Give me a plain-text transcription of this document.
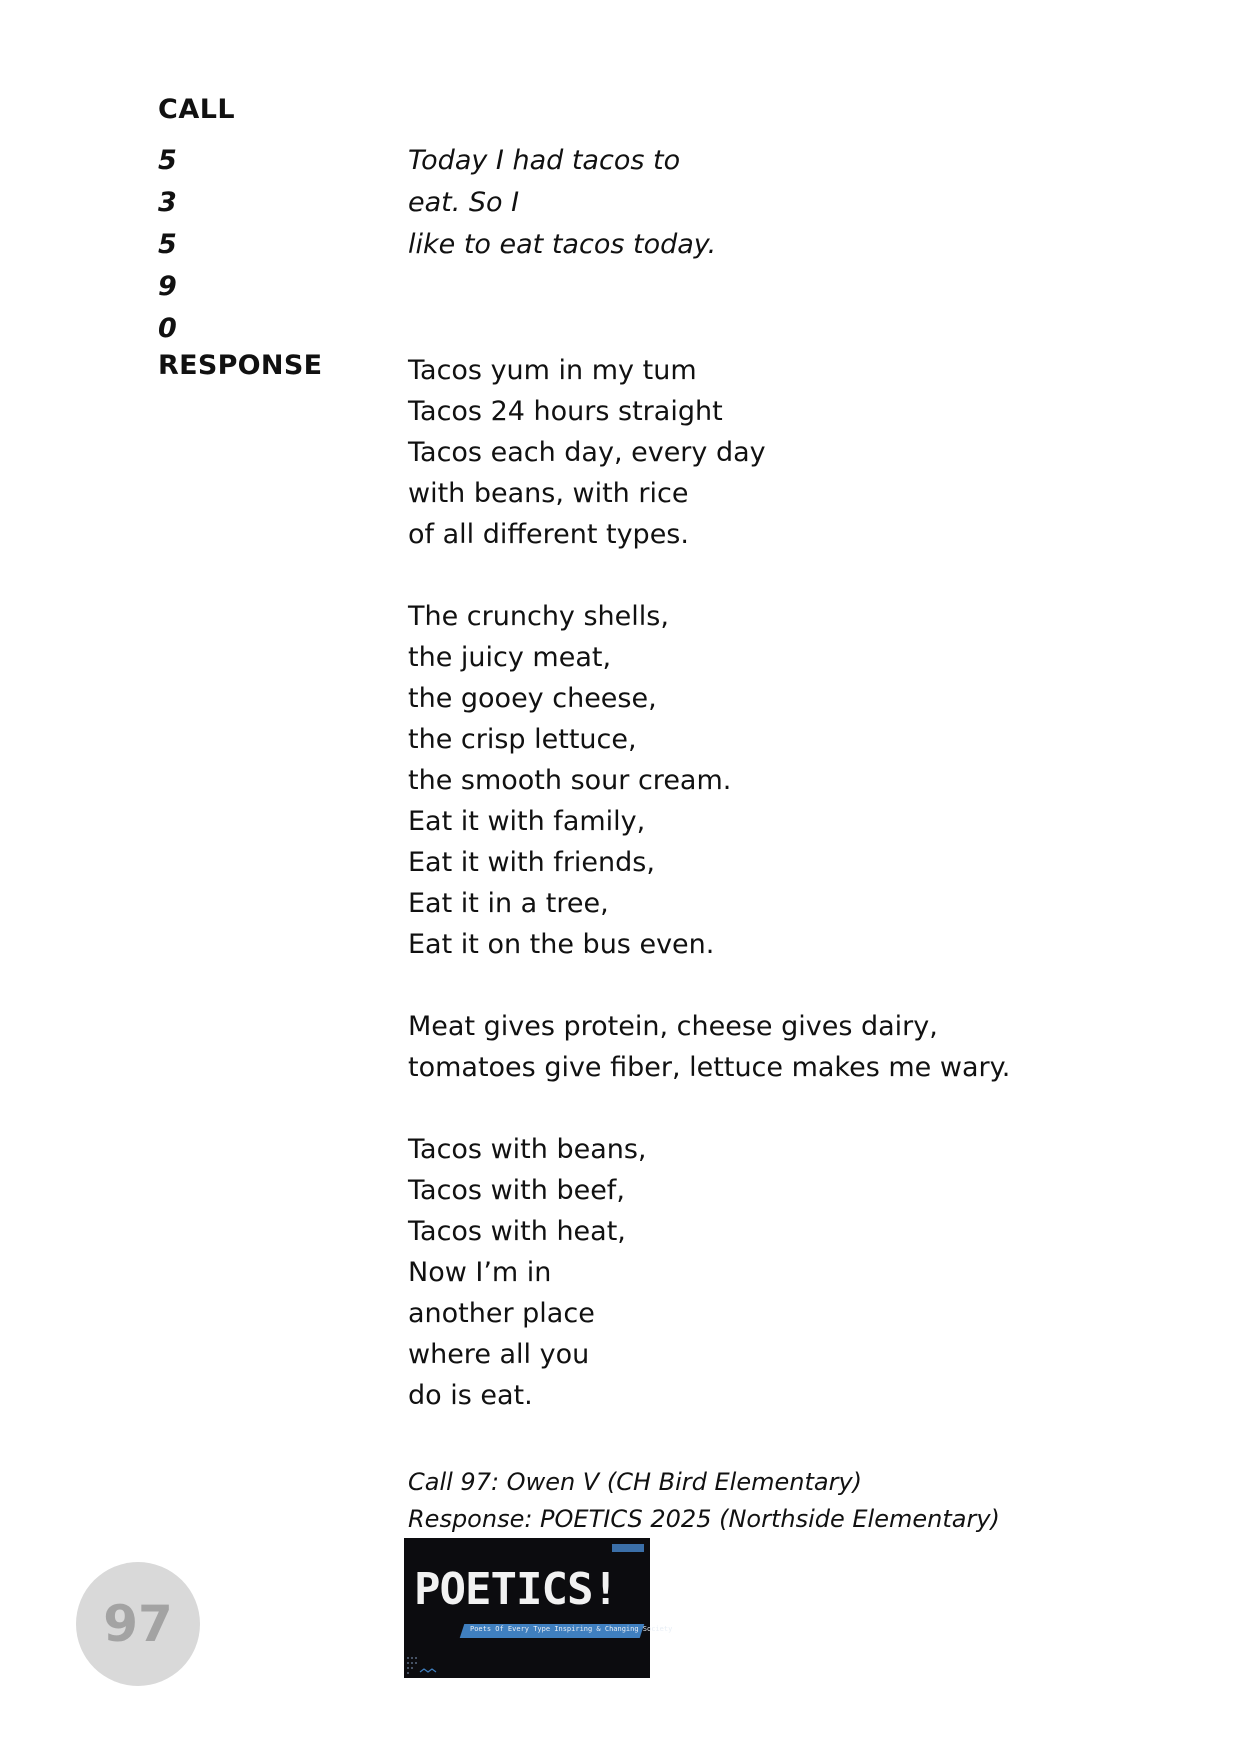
CALL
5
3
5
9
0
Today I had tacos to
eat. So I
like to eat tacos today.
RESPONSE	Tacos yum in my tum
Tacos 24 hours straight
Tacos each day, every day
with beans, with rice
of all different types.
The crunchy shells,
the juicy meat,
the gooey cheese,
the crisp lettuce,
the smooth sour cream.
Eat it with family,
Eat it with friends,
Eat it in a tree,
Eat it on the bus even.
Meat gives protein, cheese gives dairy,
tomatoes give fiber, lettuce makes me wary.
Tacos with beans,
Tacos with beef,
Tacos with heat,
Now I’m in
another place
where all you
do is eat.
Call 97: Owen V (CH Bird Elementary)
Response: POETICS 2025 (Northside Elementary)
97
POETICS!
Poets Of Every Type Inspiring & Changing Society
